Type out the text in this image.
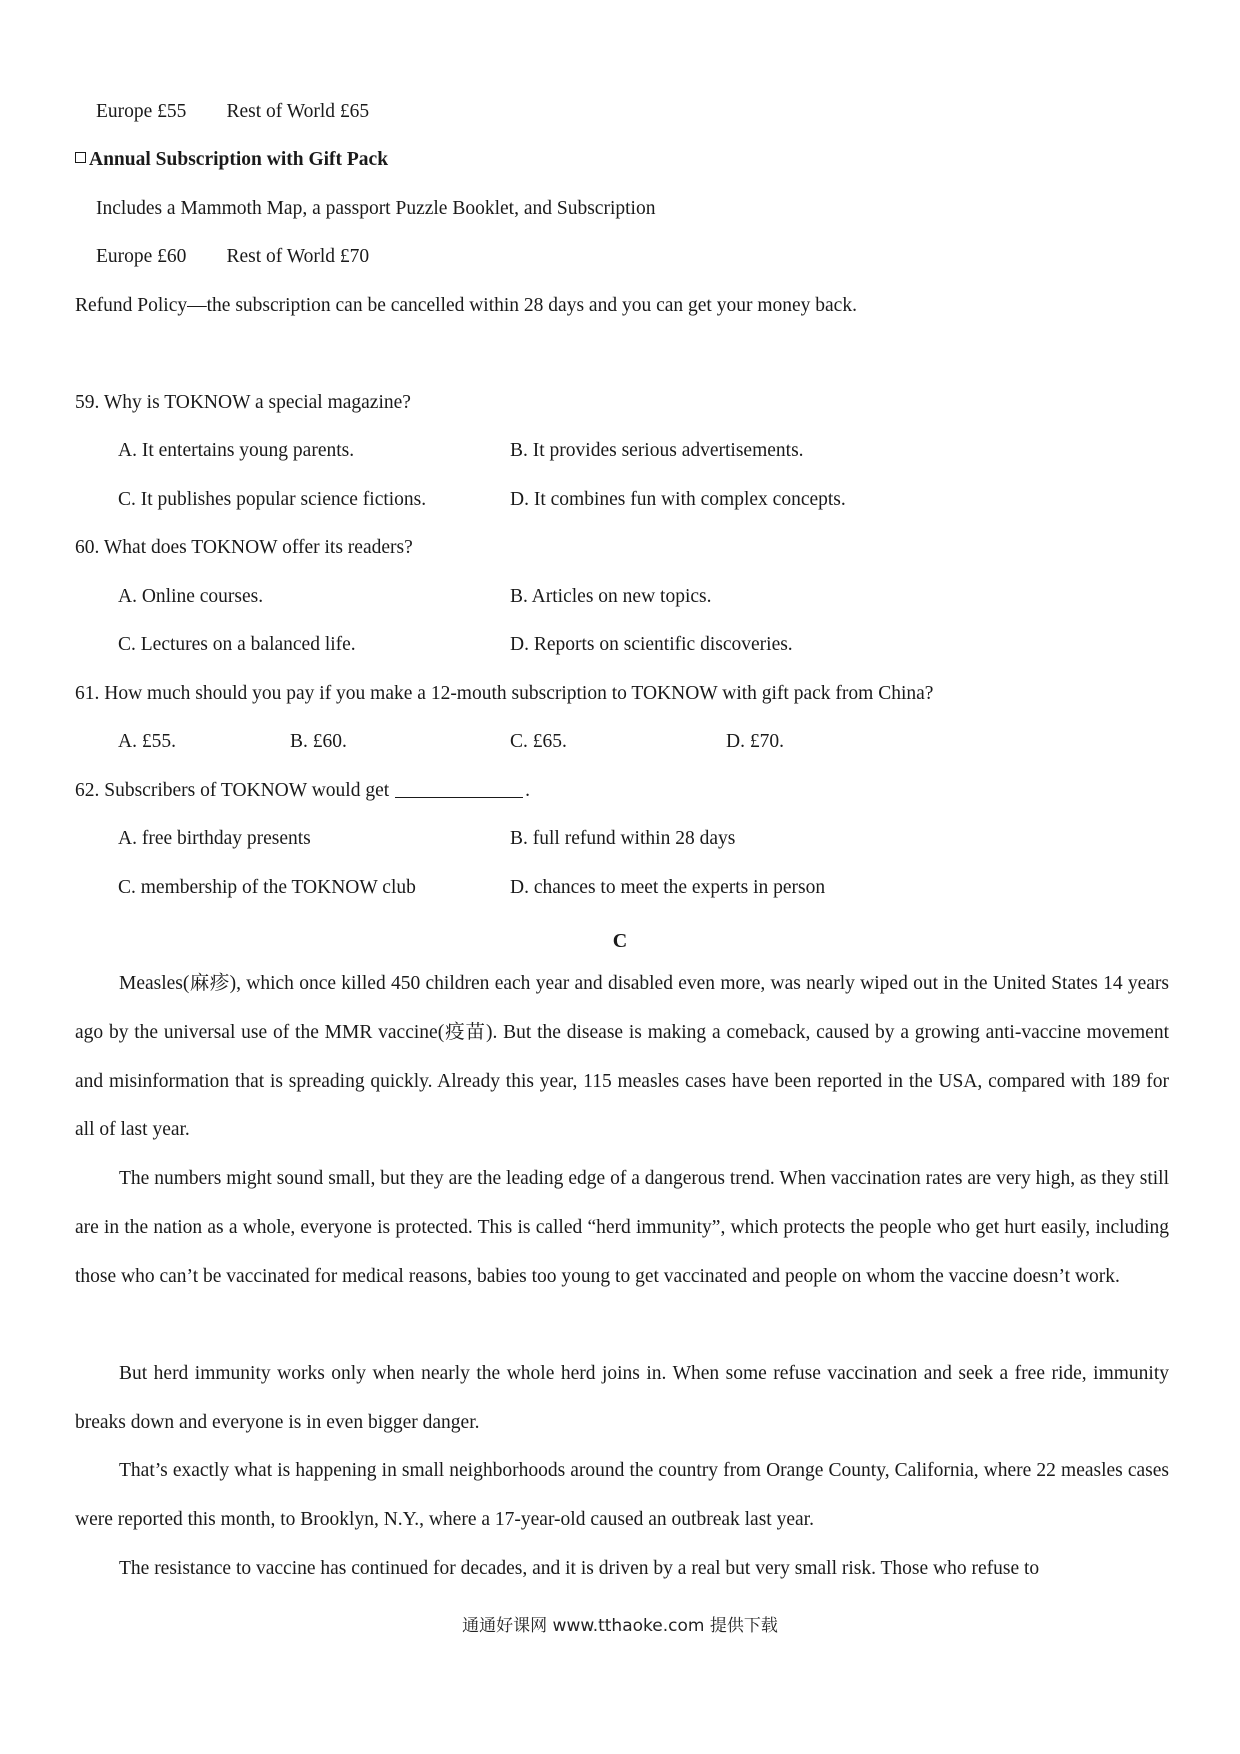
Europe £55 Rest of World £65
Annual Subscription with Gift Pack
Includes a Mammoth Map, a passport Puzzle Booklet, and Subscription
Europe £60 Rest of World £70
Refund Policy—the subscription can be cancelled within 28 days and you can get your money back.
59. Why is TOKNOW a special magazine?
A. It entertains young parents.	B. It provides serious advertisements.
C. It publishes popular science fictions.	D. It combines fun with complex concepts.
60. What does TOKNOW offer its readers?
A. Online courses.	B. Articles on new topics.
C. Lectures on a balanced life.	D. Reports on scientific discoveries.
61. How much should you pay if you make a 12-mouth subscription to TOKNOW with gift pack from China?
A. £55.	B. £60.	C. £65.	D. £70.
62. Subscribers of TOKNOW would get	.
A. free birthday presents	B. full refund within 28 days
C. membership of the TOKNOW club	D. chances to meet the experts in person
C
Measles(麻疹), which once killed 450 children each year and disabled even more, was nearly wiped out in the United States 14 years ago by the universal use of the MMR vaccine(疫苗). But the disease is making a comeback, caused by a growing anti-vaccine movement and misinformation that is spreading quickly. Already this year, 115 measles cases have been reported in the USA, compared with 189 for all of last year.
The numbers might sound small, but they are the leading edge of a dangerous trend. When vaccination rates are very high, as they still are in the nation as a whole, everyone is protected. This is called “herd immunity”, which protects the people who get hurt easily, including those who can’t be vaccinated for medical reasons, babies too young to get vaccinated and people on whom the vaccine doesn’t work.
But herd immunity works only when nearly the whole herd joins in. When some refuse vaccination and seek a free ride, immunity breaks down and everyone is in even bigger danger.
That’s exactly what is happening in small neighborhoods around the country from Orange County, California, where 22 measles cases were reported this month, to Brooklyn, N.Y., where a 17-year-old caused an outbreak last year.
The resistance to vaccine has continued for decades, and it is driven by a real but very small risk. Those who refuse to
通通好课网 www.tthaoke.com 提供下载
